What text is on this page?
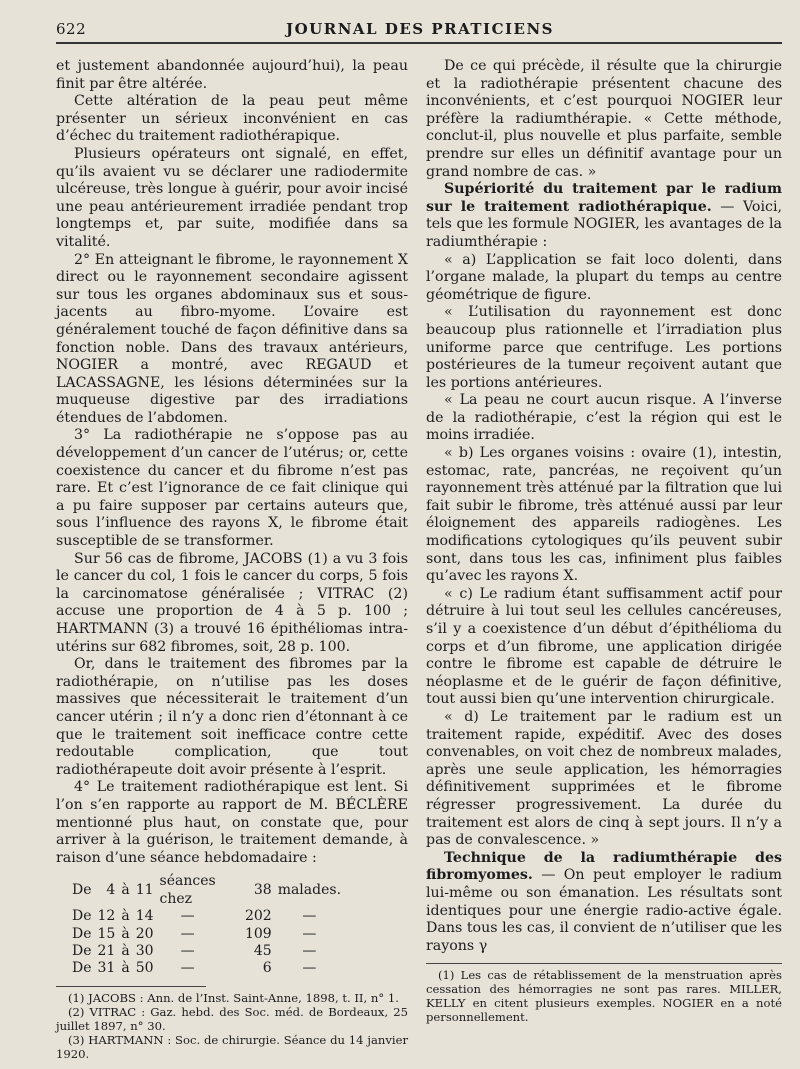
622	JOURNAL DES PRATICIENS

et justement abandonnée aujourd’hui), la peau finit par être altérée.

Cette altération de la peau peut même présenter un sérieux inconvénient en cas d’échec du traitement radiothérapique.

Plusieurs opérateurs ont signalé, en effet, qu’ils avaient vu se déclarer une radiodermite ulcéreuse, très longue à guérir, pour avoir incisé une peau antérieurement irradiée pendant trop longtemps et, par suite, modifiée dans sa vitalité.

2° En atteignant le fibrome, le rayonnement X direct ou le rayonnement secondaire agissent sur tous les organes abdominaux sus et sous-jacents au fibro-myome. L’ovaire est généralement touché de façon définitive dans sa fonction noble. Dans des travaux antérieurs, NOGIER a montré, avec REGAUD et LACASSAGNE, les lésions déterminées sur la muqueuse digestive par des irradiations étendues de l’abdomen.

3° La radiothérapie ne s’oppose pas au développement d’un cancer de l’utérus; or, cette coexistence du cancer et du fibrome n’est pas rare. Et c’est l’ignorance de ce fait clinique qui a pu faire supposer par certains auteurs que, sous l’influence des rayons X, le fibrome était susceptible de se transformer.

Sur 56 cas de fibrome, JACOBS (1) a vu 3 fois le cancer du col, 1 fois le cancer du corps, 5 fois la carcinomatose généralisée ; VITRAC (2) accuse une proportion de 4 à 5 p. 100 ; HARTMANN (3) a trouvé 16 épithéliomas intra-utérins sur 682 fibromes, soit, 28 p. 100.

Or, dans le traitement des fibromes par la radiothérapie, on n’utilise pas les doses massives que nécessiterait le traitement d’un cancer utérin ; il n’y a donc rien d’étonnant à ce que le traitement soit inefficace contre cette redoutable complication, que tout radiothérapeute doit avoir présente à l’esprit.

4° Le traitement radiothérapique est lent. Si l’on s’en rapporte au rapport de M. BÉCLÈRE mentionné plus haut, on constate que, pour arriver à la guérison, le traitement demande, à raison d’une séance hebdomadaire :

De	4	à	11	séances chez	38	malades.
De	12	à	14	—	202	—
De	15	à	20	—	109	—
De	21	à	30	—	45	—
De	31	à	50	—	6	—

(1) JACOBS : Ann. de l’Inst. Saint-Anne, 1898, t. II, n° 1.

(2) VITRAC : Gaz. hebd. des Soc. méd. de Bordeaux, 25 juillet 1897, n° 30.

(3) HARTMANN : Soc. de chirurgie. Séance du 14 janvier 1920.

De ce qui précède, il résulte que la chirurgie et la radiothérapie présentent chacune des inconvénients, et c’est pourquoi NOGIER leur préfère la radiumthérapie. « Cette méthode, conclut-il, plus nouvelle et plus parfaite, semble prendre sur elles un définitif avantage pour un grand nombre de cas. »

Supériorité du traitement par le radium sur le traitement radiothérapique. — Voici, tels que les formule NOGIER, les avantages de la radiumthérapie :

« a) L’application se fait loco dolenti, dans l’organe malade, la plupart du temps au centre géométrique de figure.

« L’utilisation du rayonnement est donc beaucoup plus rationnelle et l’irradiation plus uniforme parce que centrifuge. Les portions postérieures de la tumeur reçoivent autant que les portions antérieures.

« La peau ne court aucun risque. A l’inverse de la radiothérapie, c’est la région qui est le moins irradiée.

« b) Les organes voisins : ovaire (1), intestin, estomac, rate, pancréas, ne reçoivent qu’un rayonnement très atténué par la filtration que lui fait subir le fibrome, très atténué aussi par leur éloignement des appareils radiogènes. Les modifications cytologiques qu’ils peuvent subir sont, dans tous les cas, infiniment plus faibles qu’avec les rayons X.

« c) Le radium étant suffisamment actif pour détruire à lui tout seul les cellules cancéreuses, s’il y a coexistence d’un début d’épithélioma du corps et d’un fibrome, une application dirigée contre le fibrome est capable de détruire le néoplasme et de le guérir de façon définitive, tout aussi bien qu’une intervention chirurgicale.

« d) Le traitement par le radium est un traitement rapide, expéditif. Avec des doses convenables, on voit chez de nombreux malades, après une seule application, les hémorragies définitivement supprimées et le fibrome régresser progressivement. La durée du traitement est alors de cinq à sept jours. Il n’y a pas de convalescence. »

Technique de la radiumthérapie des fibromyomes. — On peut employer le radium lui-même ou son émanation. Les résultats sont identiques pour une énergie radio-active égale. Dans tous les cas, il convient de n’utiliser que les rayons γ

(1) Les cas de rétablissement de la menstruation après cessation des hémorragies ne sont pas rares. MILLER, KELLY en citent plusieurs exemples. NOGIER en a noté personnellement.
